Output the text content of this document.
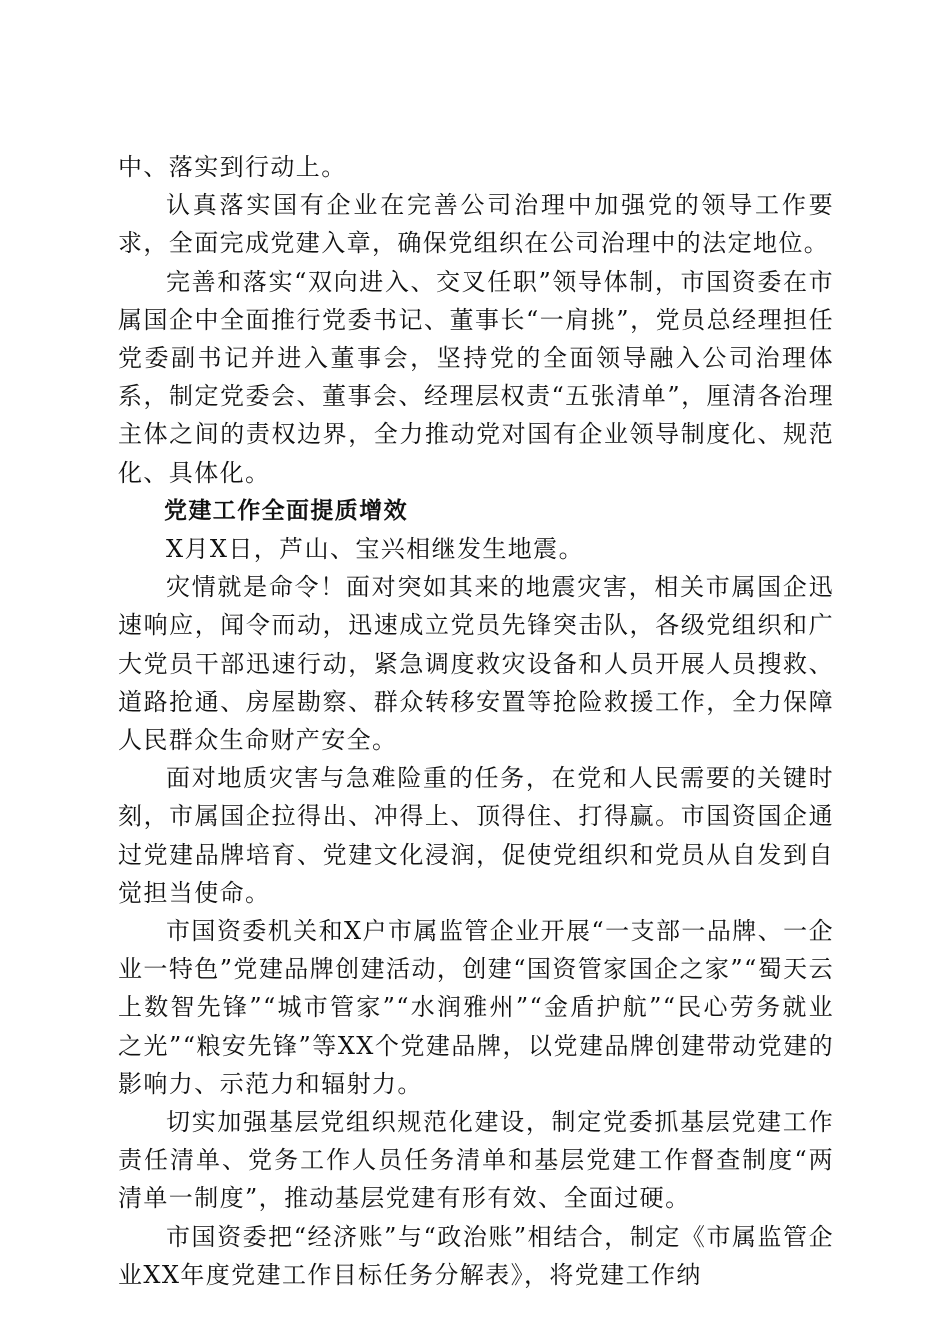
中、落实到行动上。

认真落实国有企业在完善公司治理中加强党的领导工作要求，全面完成党建入章，确保党组织在公司治理中的法定地位。

完善和落实“双向进入、交叉任职”领导体制，市国资委在市属国企中全面推行党委书记、董事长“一肩挑”，党员总经理担任党委副书记并进入董事会，坚持党的全面领导融入公司治理体系，制定党委会、董事会、经理层权责“五张清单”，厘清各治理主体之间的责权边界，全力推动党对国有企业领导制度化、规范化、具体化。

党建工作全面提质增效

X月X日，芦山、宝兴相继发生地震。

灾情就是命令！面对突如其来的地震灾害，相关市属国企迅速响应，闻令而动，迅速成立党员先锋突击队，各级党组织和广大党员干部迅速行动，紧急调度救灾设备和人员开展人员搜救、道路抢通、房屋勘察、群众转移安置等抢险救援工作，全力保障人民群众生命财产安全。

面对地质灾害与急难险重的任务，在党和人民需要的关键时刻，市属国企拉得出、冲得上、顶得住、打得赢。市国资国企通过党建品牌培育、党建文化浸润，促使党组织和党员从自发到自觉担当使命。

市国资委机关和X户市属监管企业开展“一支部一品牌、一企业一特色”党建品牌创建活动，创建“国资管家国企之家”“蜀天云上数智先锋”“城市管家”“水润雅州”“金盾护航”“民心劳务就业之光”“粮安先锋”等XX个党建品牌，以党建品牌创建带动党建的影响力、示范力和辐射力。

切实加强基层党组织规范化建设，制定党委抓基层党建工作责任清单、党务工作人员任务清单和基层党建工作督查制度“两清单一制度”，推动基层党建有形有效、全面过硬。

市国资委把“经济账”与“政治账”相结合，制定《市属监管企业XX年度党建工作目标任务分解表》，将党建工作纳
